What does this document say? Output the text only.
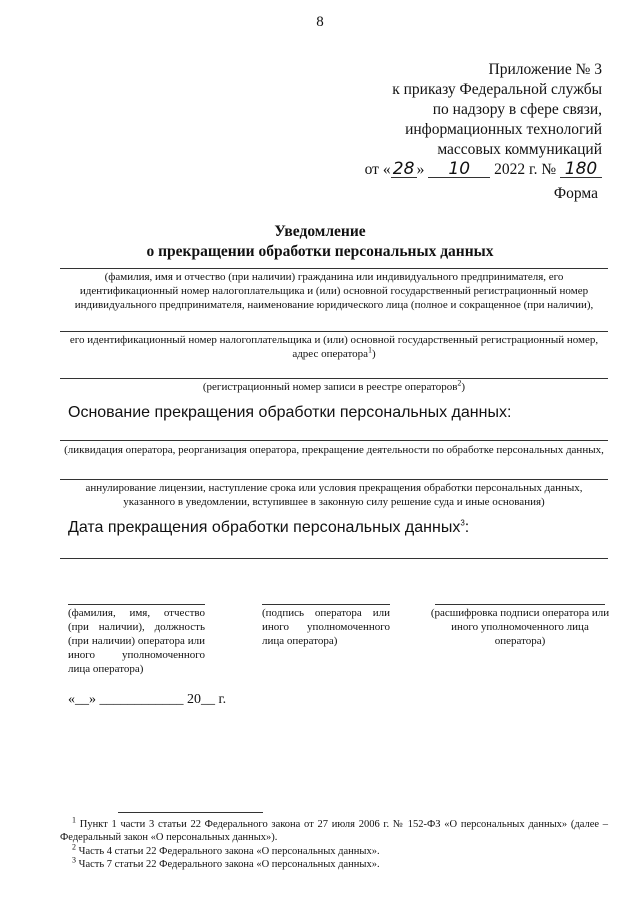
8
Приложение № 3
к приказу Федеральной службы
по надзору в сфере связи,
информационных технологий
массовых коммуникаций
от « 28 » 10 2022 г. № 180
Форма
Уведомление
о прекращении обработки персональных данных
(фамилия, имя и отчество (при наличии) гражданина или индивидуального предпринимателя, его
идентификационный номер налогоплательщика и (или) основной государственный регистрационный номер
индивидуального предпринимателя, наименование юридического лица (полное и сокращенное (при наличии),
его идентификационный номер налогоплательщика и (или) основной государственный регистрационный номер,
адрес оператора$^1$)
(регистрационный номер записи в реестре операторов$^2$)
Основание прекращения обработки персональных данных:
(ликвидация оператора, реорганизация оператора, прекращение деятельности по обработке персональных данных,
аннулирование лицензии, наступление срока или условия прекращения обработки персональных данных,
указанного в уведомлении, вступившее в законную силу решение суда и иные основания)
Дата прекращения обработки персональных данных$^3$:
(фамилия, имя, отчество (при наличии), должность (при наличии) оператора или иного уполномоченного лица оператора)
(подпись оператора или иного уполномоченного лица оператора)
(расшифровка подписи оператора или иного уполномоченного лица оператора)
«__» ____________ 20__ г.
$^1$ Пункт 1 части 3 статьи 22 Федерального закона от 27 июля 2006 г. № 152-ФЗ «О персональных данных» (далее – Федеральный закон «О персональных данных»).
$^2$ Часть 4 статьи 22 Федерального закона «О персональных данных».
$^3$ Часть 7 статьи 22 Федерального закона «О персональных данных».
